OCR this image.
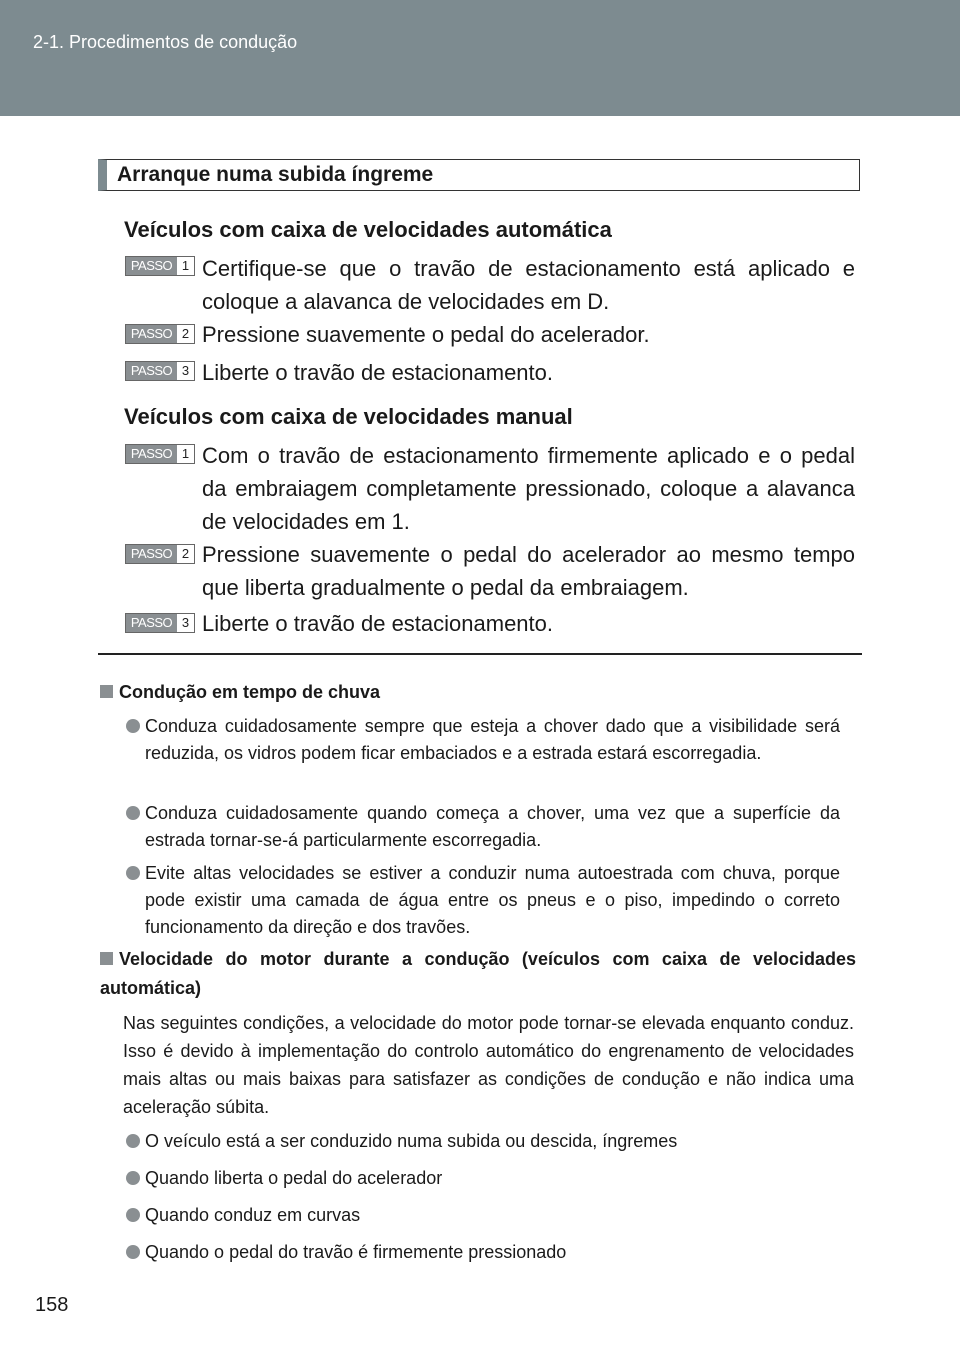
2-1. Procedimentos de condução
Arranque numa subida íngreme
Veículos com caixa de velocidades automática
PASSO 1 Certifique-se que o travão de estacionamento está aplicado e coloque a alavanca de velocidades em D.
PASSO 2 Pressione suavemente o pedal do acelerador.
PASSO 3 Liberte o travão de estacionamento.
Veículos com caixa de velocidades manual
PASSO 1 Com o travão de estacionamento firmemente aplicado e o pedal da embraiagem completamente pressionado, coloque a alavanca de velocidades em 1.
PASSO 2 Pressione suavemente o pedal do acelerador ao mesmo tempo que liberta gradualmente o pedal da embraiagem.
PASSO 3 Liberte o travão de estacionamento.
Condução em tempo de chuva
Conduza cuidadosamente sempre que esteja a chover dado que a visibilidade será reduzida, os vidros podem ficar embaciados e a estrada estará escorregadia.
Conduza cuidadosamente quando começa a chover, uma vez que a superfície da estrada tornar-se-á particularmente escorregadia.
Evite altas velocidades se estiver a conduzir numa autoestrada com chuva, porque pode existir uma camada de água entre os pneus e o piso, impedindo o correto funcionamento da direção e dos travões.
Velocidade do motor durante a condução (veículos com caixa de velocidades automática)
Nas seguintes condições, a velocidade do motor pode tornar-se elevada enquanto conduz. Isso é devido à implementação do controlo automático do engrenamento de velocidades mais altas ou mais baixas para satisfazer as condições de condução e não indica uma aceleração súbita.
O veículo está a ser conduzido numa subida ou descida, íngremes
Quando liberta o pedal do acelerador
Quando conduz em curvas
Quando o pedal do travão é firmemente pressionado
158
